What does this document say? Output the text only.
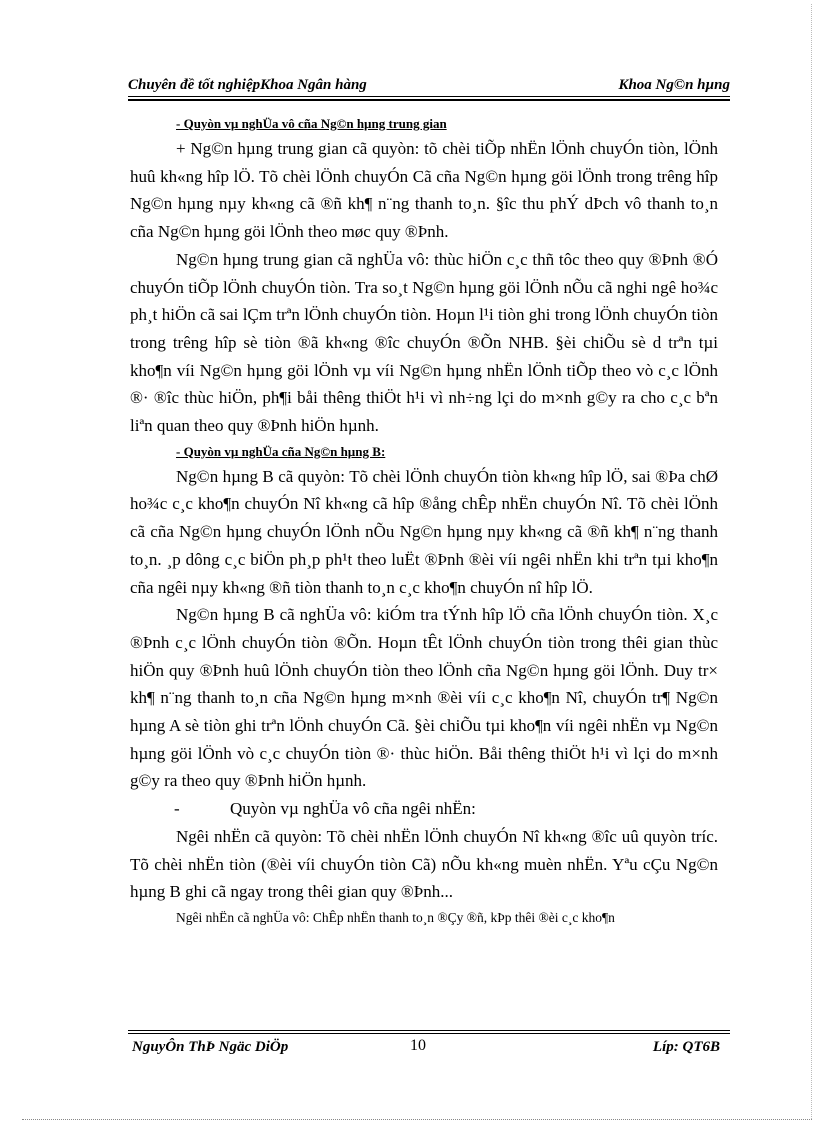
Chuyên đề tốt nghiệpKhoa Ngân hàng	Khoa Ng©n hµng

- Quyòn vµ nghÜa vô cña Ng©n hµng trung gian

+ Ng©n hµng trung gian cã quyòn: tõ chèi tiÕp nhËn lÖnh chuyÓn tiòn, lÖnh huû kh«ng hîp lÖ. Tõ chèi lÖnh chuyÓn Cã cña Ng©n hµng göi lÖnh trong trêng hîp Ng©n hµng nµy kh«ng cã ®ñ kh¶ n¨ng thanh to¸n. §îc thu phÝ dÞch vô thanh to¸n cña Ng©n hµng göi lÖnh theo møc quy ®Þnh.

Ng©n hµng trung gian cã nghÜa vô: thùc hiÖn c¸c thñ tôc theo quy ®Þnh ®Ó chuyÓn tiÕp lÖnh chuyÓn tiòn. Tra so¸t Ng©n hµng göi lÖnh nÕu cã nghi ngê ho¾c ph¸t hiÖn cã sai lÇm trªn lÖnh chuyÓn tiòn. Hoµn l¹i tiòn ghi trong lÖnh chuyÓn tiòn trong trêng hîp sè tiòn ®ã kh«ng ®îc chuyÓn ®Õn NHB. §èi chiÕu sè d trªn tµi kho¶n víi Ng©n hµng göi lÖnh vµ víi Ng©n hµng nhËn lÖnh tiÕp theo vò c¸c lÖnh ®· ®îc thùc hiÖn, ph¶i båi thêng thiÖt h¹i vì nh÷ng lçi do m×nh g©y ra cho c¸c bªn liªn quan theo quy ®Þnh hiÖn hµnh.

- Quyòn vµ nghÜa cña Ng©n hµng B:

Ng©n hµng B cã quyòn: Tõ chèi lÖnh chuyÓn tiòn kh«ng hîp lÖ, sai ®Þa chØ ho¾c c¸c kho¶n chuyÓn Nî kh«ng cã hîp ®ång chÊp nhËn chuyÓn Nî. Tõ chèi lÖnh cã cña Ng©n hµng chuyÓn lÖnh nÕu Ng©n hµng nµy kh«ng cã ®ñ kh¶ n¨ng thanh to¸n. ¸p dông c¸c biÖn ph¸p ph¹t theo luËt ®Þnh ®èi víi ngêi nhËn khi trªn tµi kho¶n cña ngêi nµy kh«ng ®ñ tiòn thanh to¸n c¸c kho¶n chuyÓn nî hîp lÖ.

Ng©n hµng B cã nghÜa vô: kiÓm tra tÝnh hîp lÖ cña lÖnh chuyÓn tiòn. X¸c ®Þnh c¸c lÖnh chuyÓn tiòn ®Õn. Hoµn tÊt lÖnh chuyÓn tiòn trong thêi gian thùc hiÖn quy ®Þnh huû lÖnh chuyÓn tiòn theo lÖnh cña Ng©n hµng göi lÖnh. Duy tr× kh¶ n¨ng thanh to¸n cña Ng©n hµng m×nh ®èi víi c¸c kho¶n Nî, chuyÓn tr¶ Ng©n hµng A sè tiòn ghi trªn lÖnh chuyÓn Cã. §èi chiÕu tµi kho¶n víi ngêi nhËn vµ Ng©n hµng göi lÖnh vò c¸c chuyÓn tiòn ®· thùc hiÖn. Båi thêng thiÖt h¹i vì lçi do m×nh g©y ra theo quy ®Þnh hiÖn hµnh.

-	Quyòn vµ nghÜa vô cña ngêi nhËn:

Ngêi nhËn cã quyòn: Tõ chèi nhËn lÖnh chuyÓn Nî kh«ng ®îc uû quyòn tríc. Tõ chèi nhËn tiòn (®èi víi chuyÓn tiòn Cã) nÕu kh«ng muèn nhËn. Yªu cÇu Ng©n hµng B ghi cã ngay trong thêi gian quy ®Þnh...

Ngêi nhËn cã nghÜa vô: ChÊp nhËn thanh to¸n ®Çy ®ñ, kÞp thêi ®èi c¸c kho¶n

NguyÔn ThÞ Ngäc DiÖp	10	Líp: QT6B
